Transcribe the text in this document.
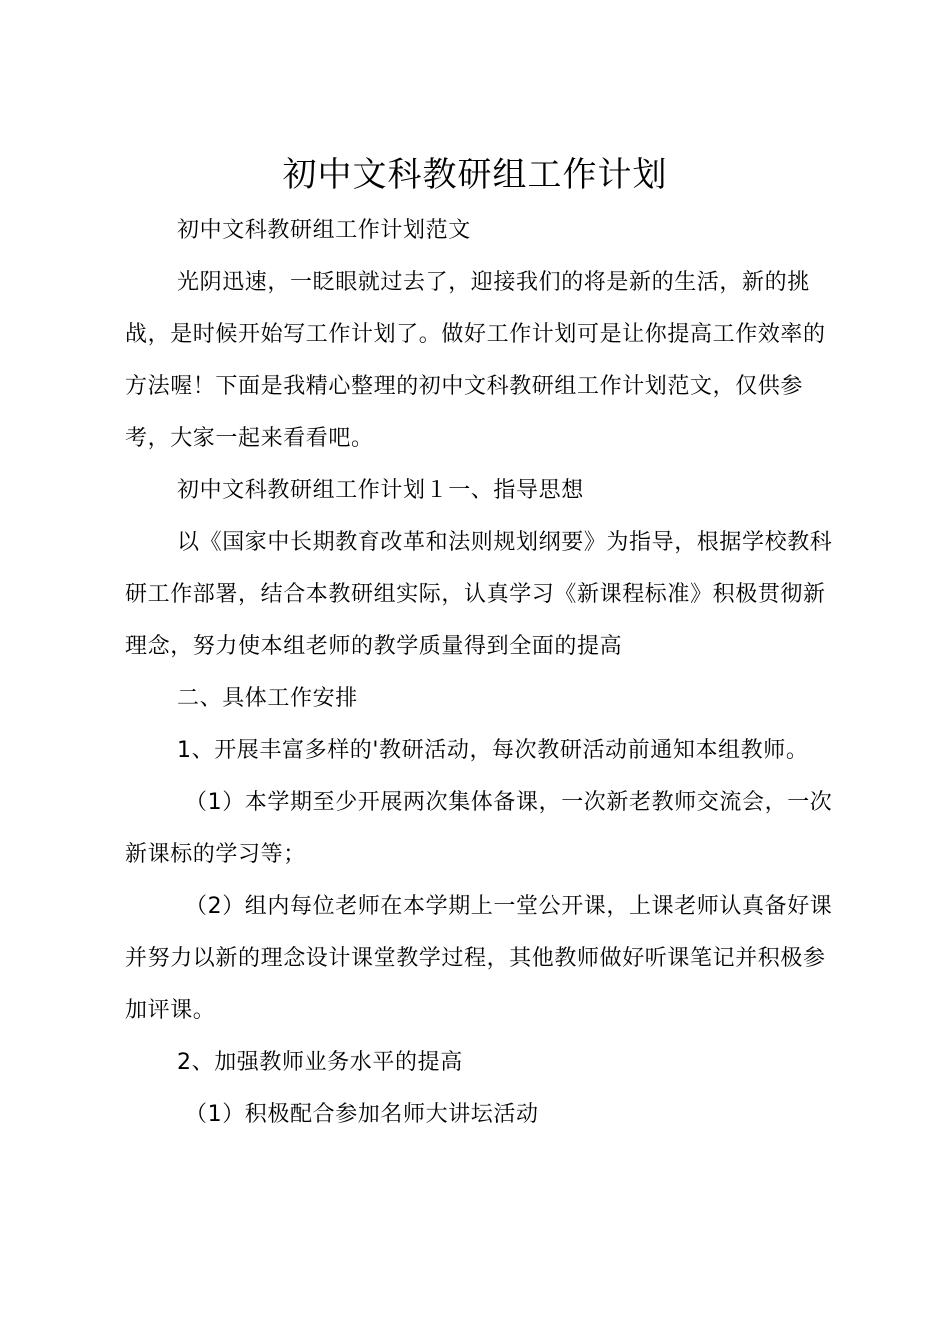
初中文科教研组工作计划

初中文科教研组工作计划范文

光阴迅速，一眨眼就过去了，迎接我们的将是新的生活，新的挑战，是时候开始写工作计划了。做好工作计划可是让你提高工作效率的方法喔！下面是我精心整理的初中文科教研组工作计划范文，仅供参考，大家一起来看看吧。

初中文科教研组工作计划１一、指导思想

以《国家中长期教育改革和法则规划纲要》为指导，根据学校教科研工作部署，结合本教研组实际，认真学习《新课程标准》积极贯彻新理念，努力使本组老师的教学质量得到全面的提高

二、具体工作安排

1、开展丰富多样的'教研活动，每次教研活动前通知本组教师。

（1）本学期至少开展两次集体备课，一次新老教师交流会，一次新课标的学习等；

（2）组内每位老师在本学期上一堂公开课，上课老师认真备好课并努力以新的理念设计课堂教学过程，其他教师做好听课笔记并积极参加评课。

2、加强教师业务水平的提高

（1）积极配合参加名师大讲坛活动
